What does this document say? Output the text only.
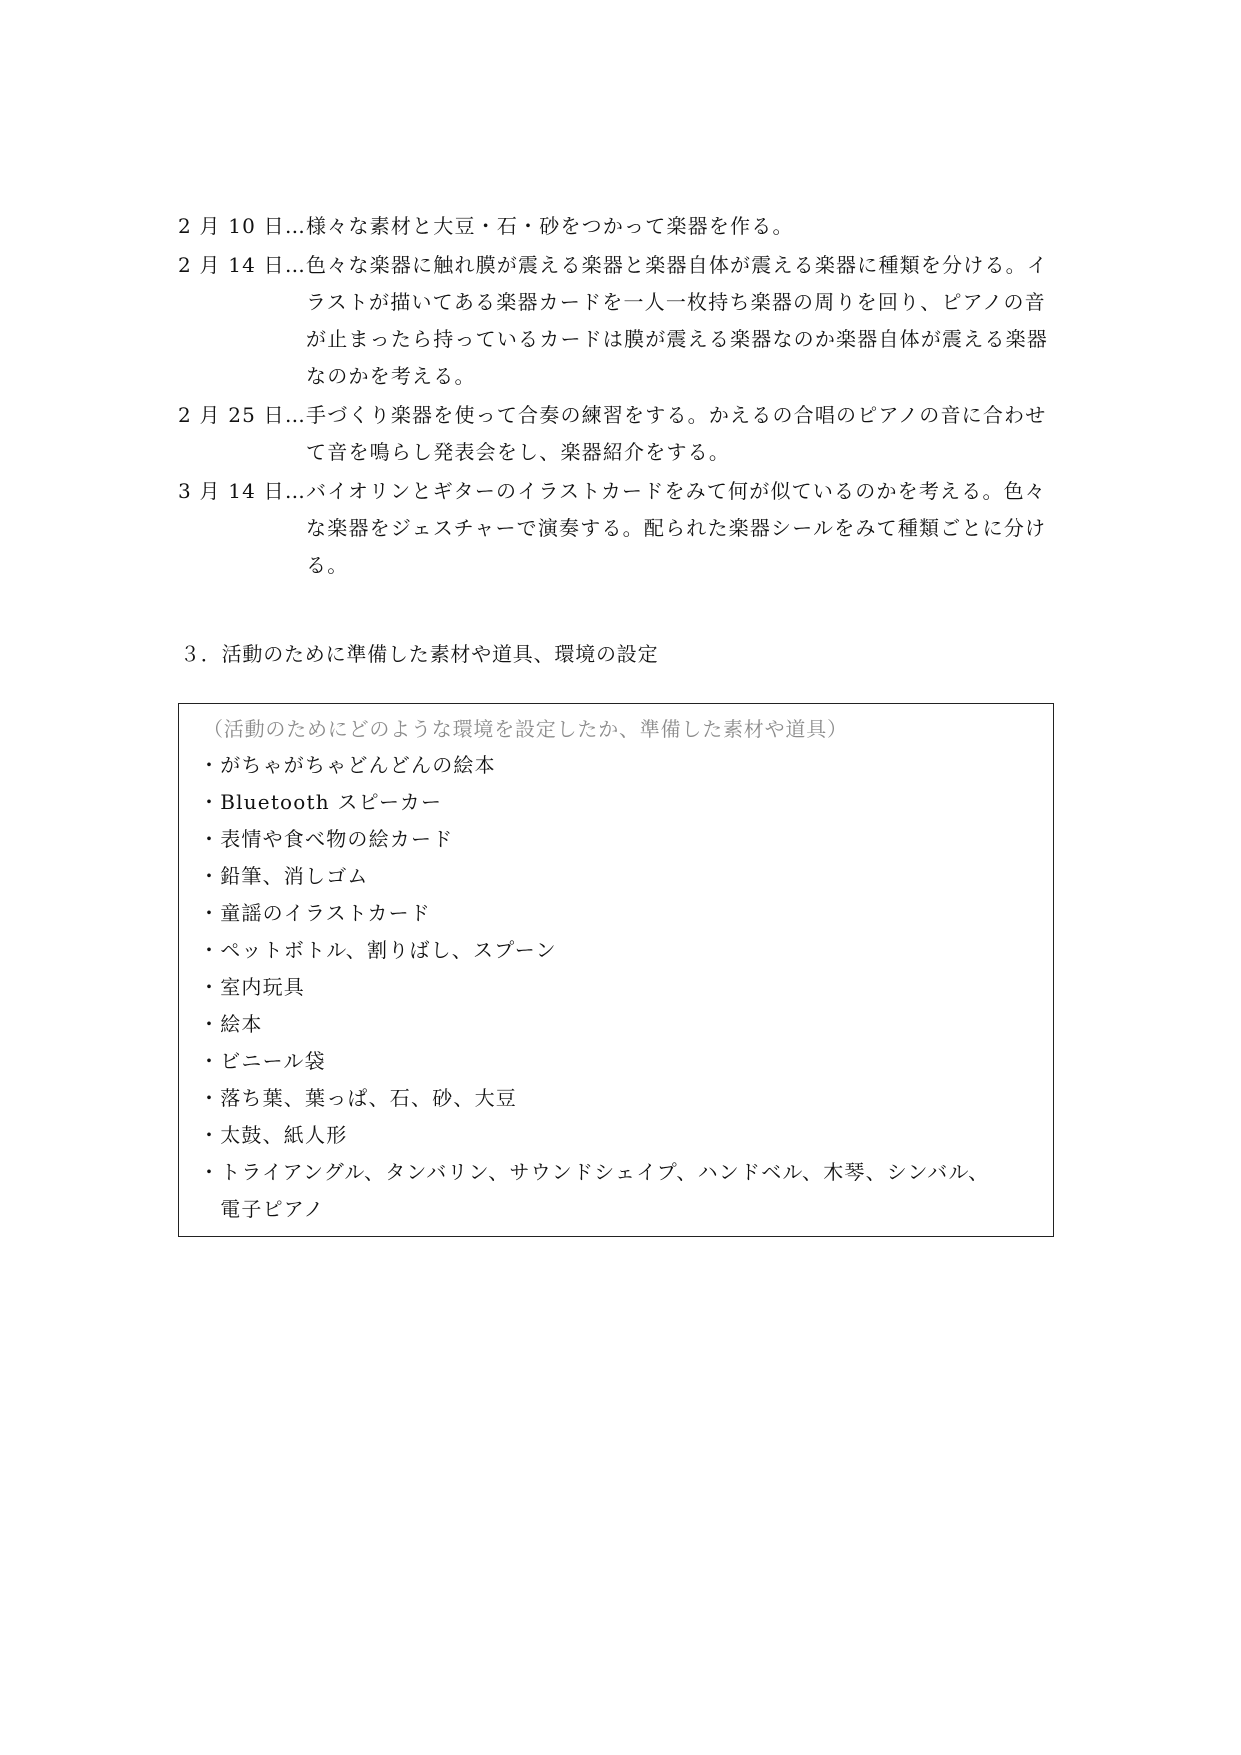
2 月 10 日… 様々な素材と大豆・石・砂をつかって楽器を作る。
2 月 14 日… 色々な楽器に触れ膜が震える楽器と楽器自体が震える楽器に種類を分ける。イ
ラストが描いてある楽器カードを一人一枚持ち楽器の周りを回り、ピアノの音
が止まったら持っているカードは膜が震える楽器なのか楽器自体が震える楽器
なのかを考える。
2 月 25 日… 手づくり楽器を使って合奏の練習をする。かえるの合唱のピアノの音に合わせ
て音を鳴らし発表会をし、楽器紹介をする。
3 月 14 日… バイオリンとギターのイラストカードをみて何が似ているのかを考える。色々
な楽器をジェスチャーで演奏する。配られた楽器シールをみて種類ごとに分け
る。
３．活動のために準備した素材や道具、環境の設定
（活動のためにどのような環境を設定したか、準備した素材や道具）
・ がちゃがちゃどんどんの絵本
・ Bluetooth スピーカー
・ 表情や食べ物の絵カード
・ 鉛筆、消しゴム
・ 童謡のイラストカード
・ ペットボトル、割りばし、スプーン
・ 室内玩具
・ 絵本
・ ビニール袋
・ 落ち葉、葉っぱ、石、砂、大豆
・ 太鼓、紙人形
・ トライアングル、タンバリン、サウンドシェイプ、ハンドベル、木琴、シンバル、
電子ピアノ
